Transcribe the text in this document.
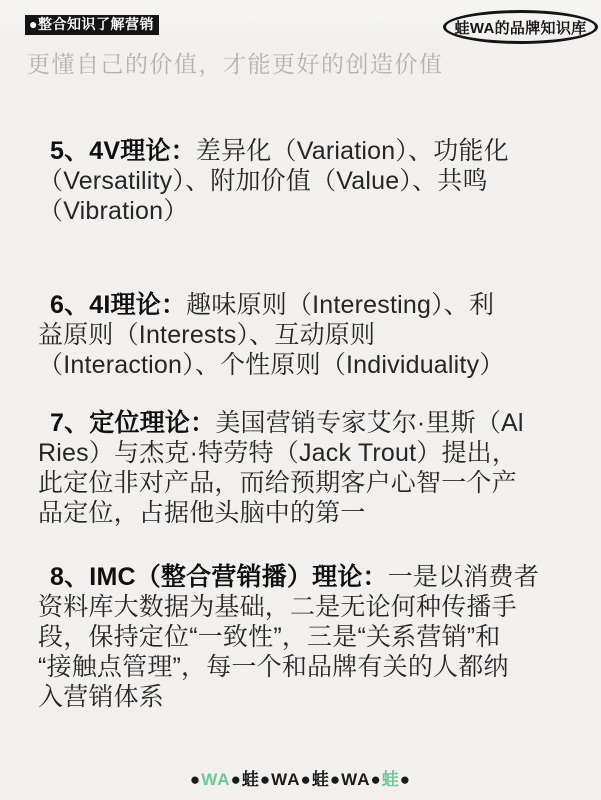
●整合知识了解营销	蛙WA的品牌知识库
更懂自己的价值，才能更好的创造价值
5、4V理论：差异化（Variation）、功能化
（Versatility）、附加价值（Value）、共鸣
（Vibration）
6、4I理论：趣味原则（Interesting）、利
益原则（Interests）、互动原则
（Interaction）、个性原则（Individuality）
7、定位理论：美国营销专家艾尔·里斯（Al
Ries）与杰克·特劳特（Jack Trout）提出，
此定位非对产品，而给预期客户心智一个产
品定位，占据他头脑中的第一
8、IMC（整合营销播）理论：一是以消费者
资料库大数据为基础，二是无论何种传播手
段，保持定位“一致性”，三是“关系营销”和
“接触点管理”，每一个和品牌有关的人都纳
入营销体系
●WA●蛙●WA●蛙●WA●蛙●
